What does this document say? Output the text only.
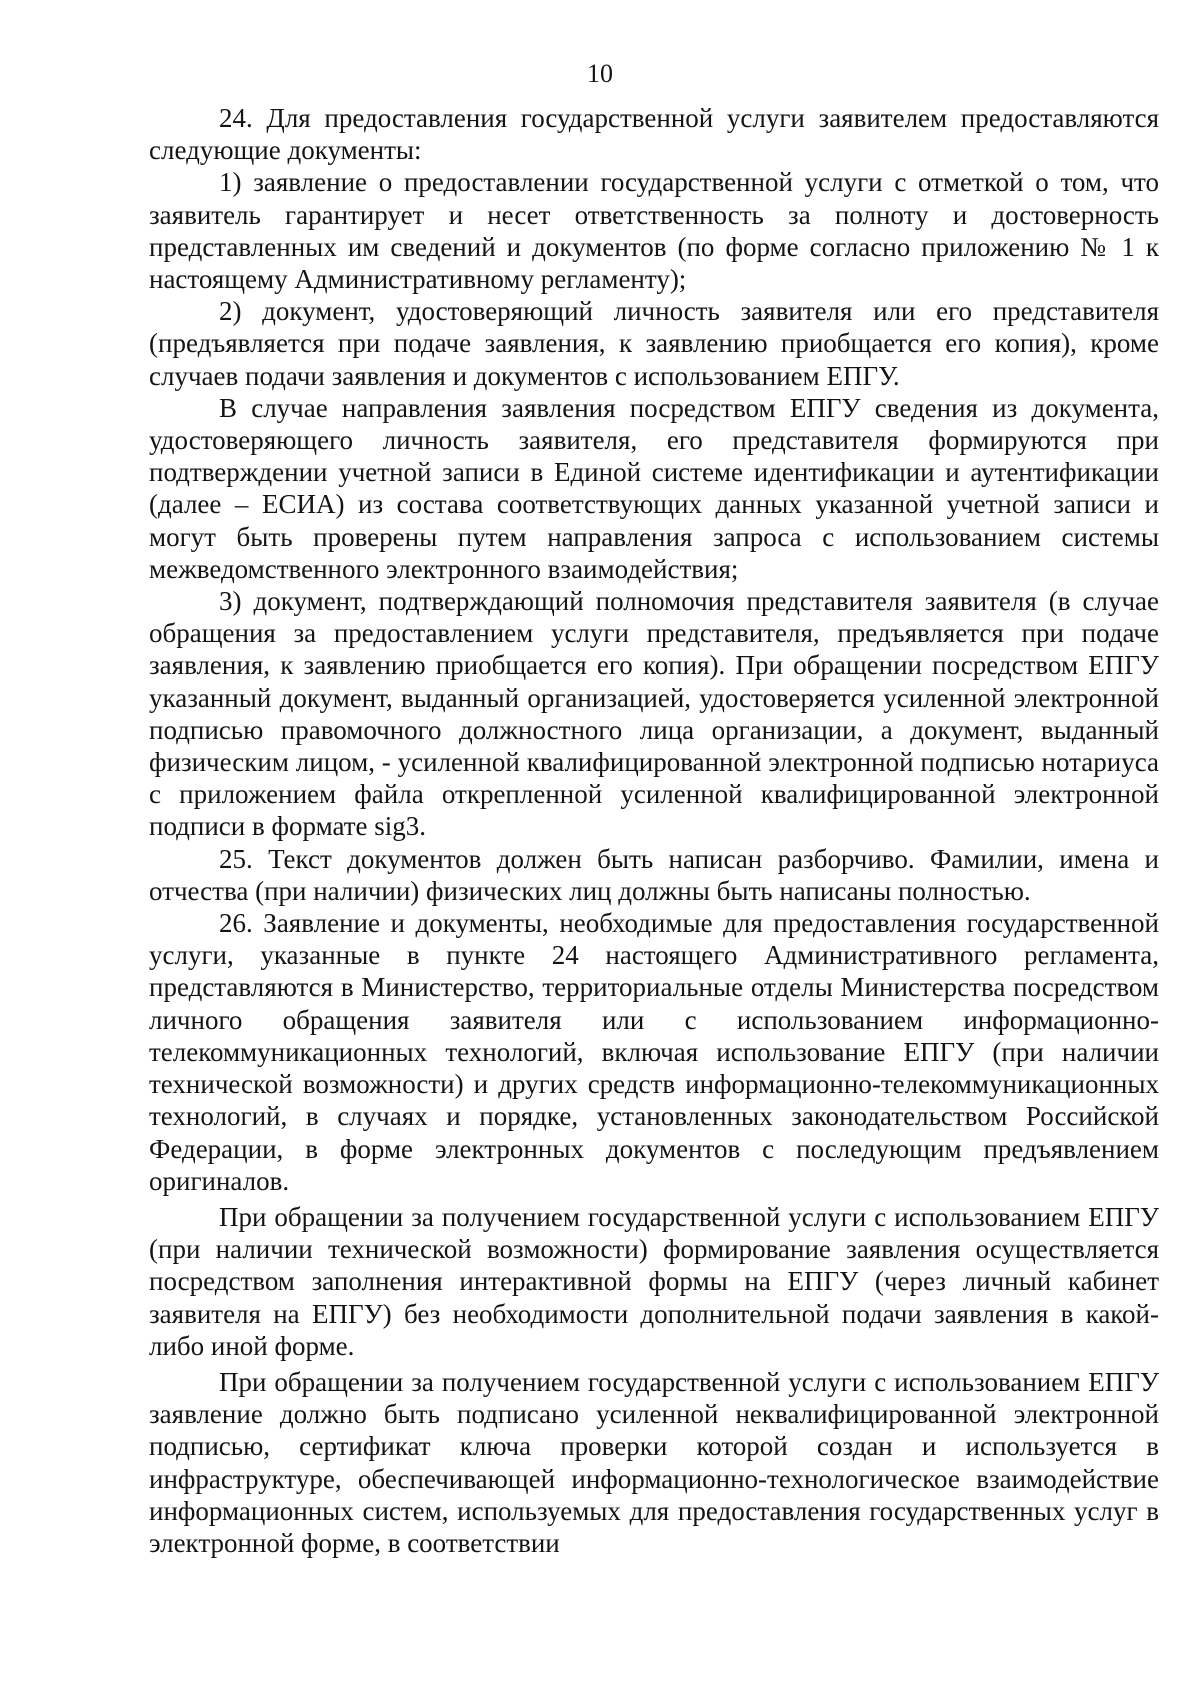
10

24. Для предоставления государственной услуги заявителем предоставляются следующие документы:

1) заявление о предоставлении государственной услуги с отметкой о том, что заявитель гарантирует и несет ответственность за полноту и достоверность представленных им сведений и документов (по форме согласно приложению № 1 к настоящему Административному регламенту);

2) документ, удостоверяющий личность заявителя или его представителя (предъявляется при подаче заявления, к заявлению приобщается его копия), кроме случаев подачи заявления и документов с использованием ЕПГУ.

В случае направления заявления посредством ЕПГУ сведения из документа, удостоверяющего личность заявителя, его представителя формируются при подтверждении учетной записи в Единой системе идентификации и аутентификации (далее – ЕСИА) из состава соответствующих данных указанной учетной записи и могут быть проверены путем направления запроса с использованием системы межведомственного электронного взаимодействия;

3) документ, подтверждающий полномочия представителя заявителя (в случае обращения за предоставлением услуги представителя, предъявляется при подаче заявления, к заявлению приобщается его копия). При обращении посредством ЕПГУ указанный документ, выданный организацией, удостоверяется усиленной электронной подписью правомочного должностного лица организации, а документ, выданный физическим лицом, - усиленной квалифицированной электронной подписью нотариуса с приложением файла открепленной усиленной квалифицированной электронной подписи в формате sig3.

25. Текст документов должен быть написан разборчиво. Фамилии, имена и отчества (при наличии) физических лиц должны быть написаны полностью.

26. Заявление и документы, необходимые для предоставления государственной услуги, указанные в пункте 24 настоящего Административного регламента, представляются в Министерство, территориальные отделы Министерства посредством личного обращения заявителя или с использованием информационно-телекоммуникационных технологий, включая использование ЕПГУ (при наличии технической возможности) и других средств информационно-телекоммуникационных технологий, в случаях и порядке, установленных законодательством Российской Федерации, в форме электронных документов с последующим предъявлением оригиналов.

При обращении за получением государственной услуги с использованием ЕПГУ (при наличии технической возможности) формирование заявления осуществляется посредством заполнения интерактивной формы на ЕПГУ (через личный кабинет заявителя на ЕПГУ) без необходимости дополнительной подачи заявления в какой-либо иной форме.

При обращении за получением государственной услуги с использованием ЕПГУ заявление должно быть подписано усиленной неквалифицированной электронной подписью, сертификат ключа проверки которой создан и используется в инфраструктуре, обеспечивающей информационно-технологическое взаимодействие информационных систем, используемых для предоставления государственных услуг в электронной форме, в соответствии
